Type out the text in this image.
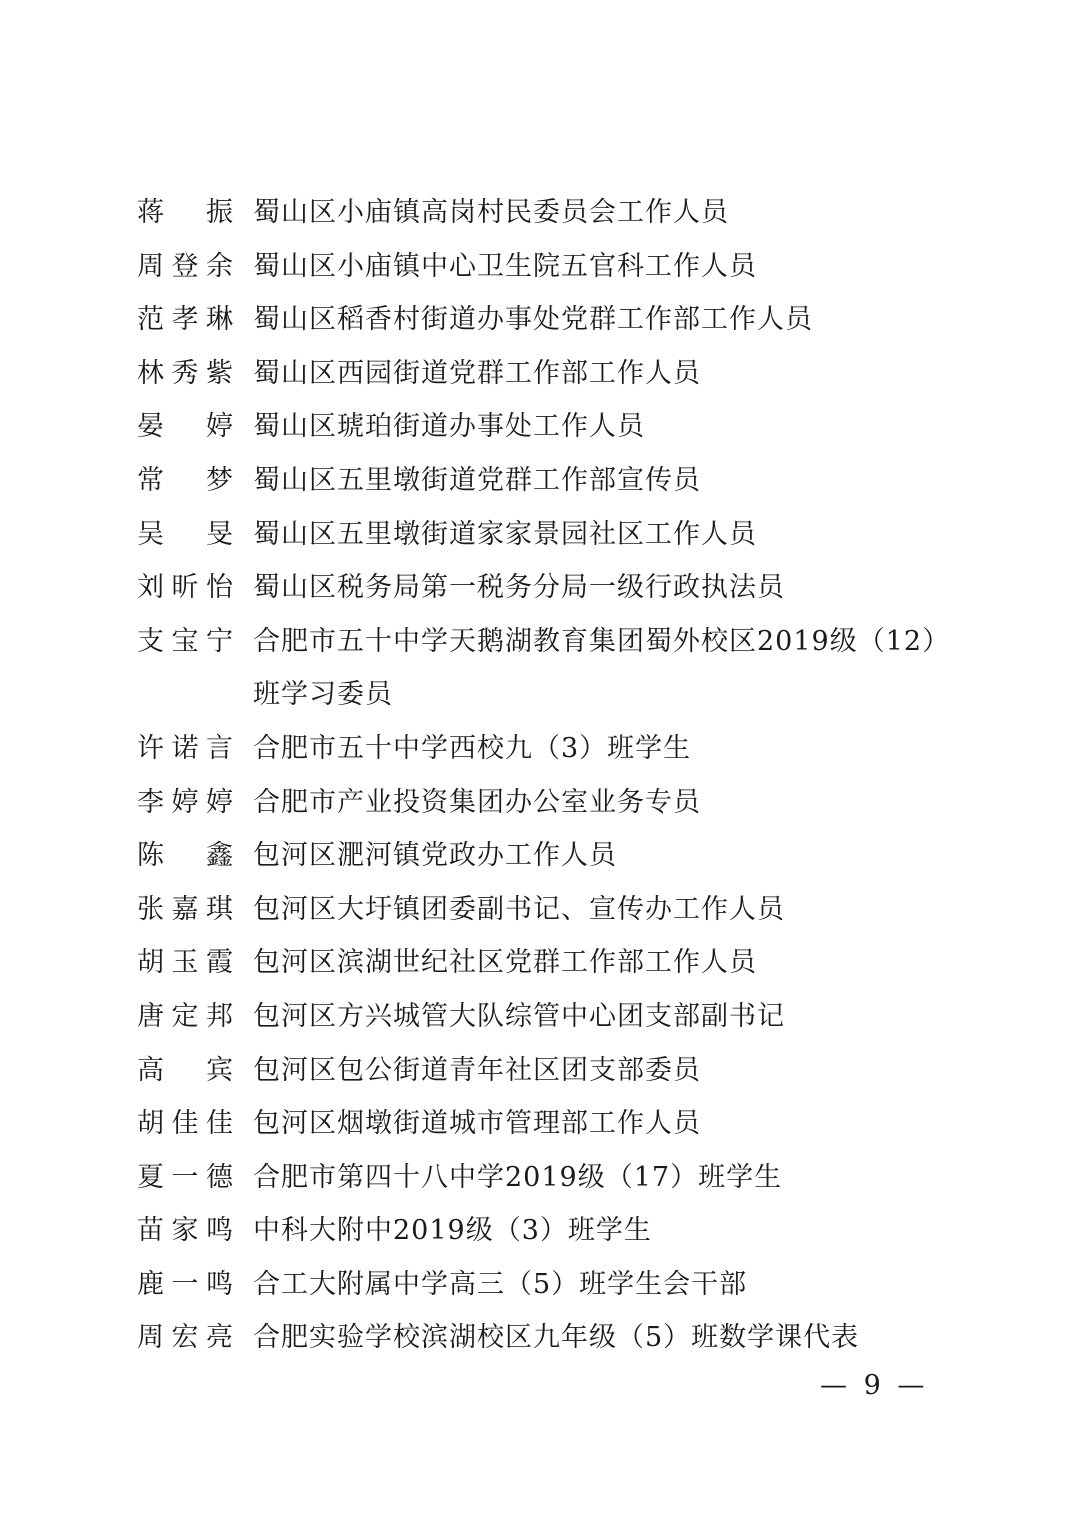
蒋振 蜀山区小庙镇高岗村民委员会工作人员
周登余 蜀山区小庙镇中心卫生院五官科工作人员
范孝琳 蜀山区稻香村街道办事处党群工作部工作人员
林秀紫 蜀山区西园街道党群工作部工作人员
晏婷 蜀山区琥珀街道办事处工作人员
常梦 蜀山区五里墩街道党群工作部宣传员
吴旻 蜀山区五里墩街道家家景园社区工作人员
刘昕怡 蜀山区税务局第一税务分局一级行政执法员
支宝宁 合肥市五十中学天鹅湖教育集团蜀外校区2019级（12）班学习委员
许诺言 合肥市五十中学西校九（3）班学生
李婷婷 合肥市产业投资集团办公室业务专员
陈鑫 包河区淝河镇党政办工作人员
张嘉琪 包河区大圩镇团委副书记、宣传办工作人员
胡玉霞 包河区滨湖世纪社区党群工作部工作人员
唐定邦 包河区方兴城管大队综管中心团支部副书记
高宾 包河区包公街道青年社区团支部委员
胡佳佳 包河区烟墩街道城市管理部工作人员
夏一德 合肥市第四十八中学2019级（17）班学生
苗家鸣 中科大附中2019级（3）班学生
鹿一鸣 合工大附属中学高三（5）班学生会干部
周宏亮 合肥实验学校滨湖校区九年级（5）班数学课代表
— 9 —
